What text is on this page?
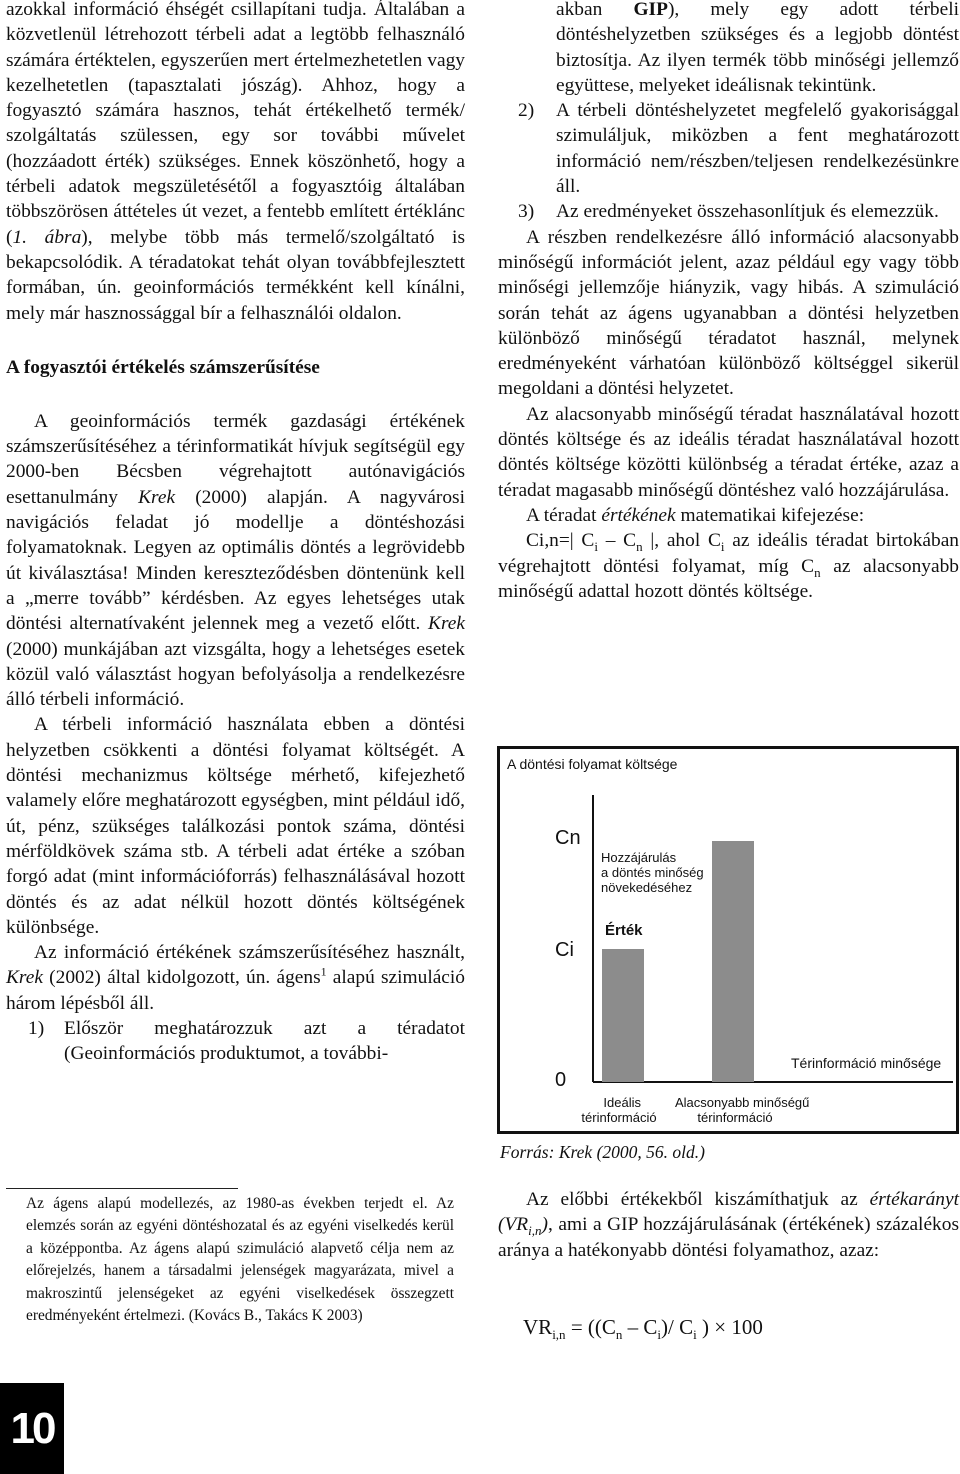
azokkal információ éhségét csillapítani tudja. Általában a közvetlenül létrehozott térbeli adat a legtöbb felhasználó számára értéktelen, egyszerűen mert értelmezhetetlen vagy kezelhetetlen (tapasztalati jószág). Ahhoz, hogy a fogyasztó számára hasznos, tehát értékelhető termék/ szolgáltatás szülessen, egy sor további művelet (hozzáadott érték) szükséges. Ennek köszönhető, hogy a térbeli adatok megszületésétől a fogyasztóig általában többszörösen áttételes út vezet, a fentebb említett értéklánc (1. ábra), melybe több más termelő/szolgáltató is bekapcsolódik. A téradatokat tehát olyan továbbfejlesztett formában, ún. geoinformációs termékként kell kínálni, mely már hasznossággal bír a felhasználói oldalon.

A fogyasztói értékelés számszerűsítése

A geoinformációs termék gazdasági értékének számszerűsítéséhez a térinformatikát hívjuk segítségül egy 2000-ben Bécsben végrehajtott autónavigációs esettanulmány Krek (2000) alapján. A nagyvárosi navigációs feladat jó modellje a döntéshozási folyamatoknak. Legyen az optimális döntés a legrövidebb út kiválasztása! Minden kereszteződésben döntenünk kell a „merre tovább” kérdésben. Az egyes lehetséges utak döntési alternatívaként jelennek meg a vezető előtt. Krek (2000) munkájában azt vizsgálta, hogy a lehetséges esetek közül való választást hogyan befolyásolja a rendelkezésre álló térbeli információ.

A térbeli információ használata ebben a döntési helyzetben csökkenti a döntési folyamat költségét. A döntési mechanizmus költsége mérhető, kifejezhető valamely előre meghatározott egységben, mint például idő, út, pénz, szükséges találkozási pontok száma, döntési mérföldkövek száma stb. A térbeli adat értéke a szóban forgó adat (mint információforrás) felhasználásával hozott döntés és az adat nélkül hozott döntés költségének különbsége.

Az információ értékének számszerűsítéséhez használt, Krek (2002) által kidolgozott, ún. ágens$^1$ alapú szimuláció három lépésből áll.

1) Először meghatározzuk azt a téradatot (Geoinformációs produktumot, a további-
Az ágens alapú modellezés, az 1980-as években terjedt el. Az elemzés során az egyéni döntéshozatal és az egyéni viselkedés kerül a középpontba. Az ágens alapú szimuláció alapvető célja nem az előrejelzés, hanem a társadalmi jelenségek magyarázata, mivel a makroszintű jelenségeket az egyéni viselkedések összegzett eredményeként értelmezi. (Kovács B., Takács K 2003)
10
akban GIP), mely egy adott térbeli döntéshelyzetben szükséges és a legjobb döntést biztosítja. Az ilyen termék több minőségi jellemző együttese, melyeket ideálisnak tekintünk.
2) A térbeli döntéshelyzetet megfelelő gyakorisággal szimuláljuk, miközben a fent meghatározott információ nem/részben/teljesen rendelkezésünkre áll.
3) Az eredményeket összehasonlítjuk és elemezzük.

A részben rendelkezésre álló információ alacsonyabb minőségű információt jelent, azaz például egy vagy több minőségi jellemzője hiányzik, vagy hibás. A szimuláció során tehát az ágens ugyanabban a döntési helyzetben különböző minőségű téradatot használ, melynek eredményeként várhatóan különböző költséggel sikerül megoldani a döntési helyzetet.

Az alacsonyabb minőségű téradat használatával hozott döntés költsége és az ideális téradat használatával hozott döntés költsége közötti különbség a téradat értéke, azaz a téradat magasabb minőségű döntéshez való hozzájárulása.

A téradat értékének matematikai kifejezése:

Ci,n=| $C_i - C_n$ |, ahol $C_i$ az ideális téradat birtokában végrehajtott döntési folyamat, míg $C_n$ az alacsonyabb minőségű adattal hozott döntés költsége.

A döntési folyamat költsége
Cn
Ci
0
Hozzájárulás a döntés minőség növekedéséhez
Érték
Térinformáció minősége
Ideális térinformáció
Alacsonyabb minőségű térinformáció
Forrás: Krek (2000, 56. old.)

Az előbbi értékekből kiszámíthatjuk az értékarányt $(VR_{i,n})$, ami a GIP hozzájárulásának (értékének) százalékos aránya a hatékonyabb döntési folyamathoz, azaz:

$VR_{i,n} = ((C_n - C_i)/$ $C_i$ ) × 100
